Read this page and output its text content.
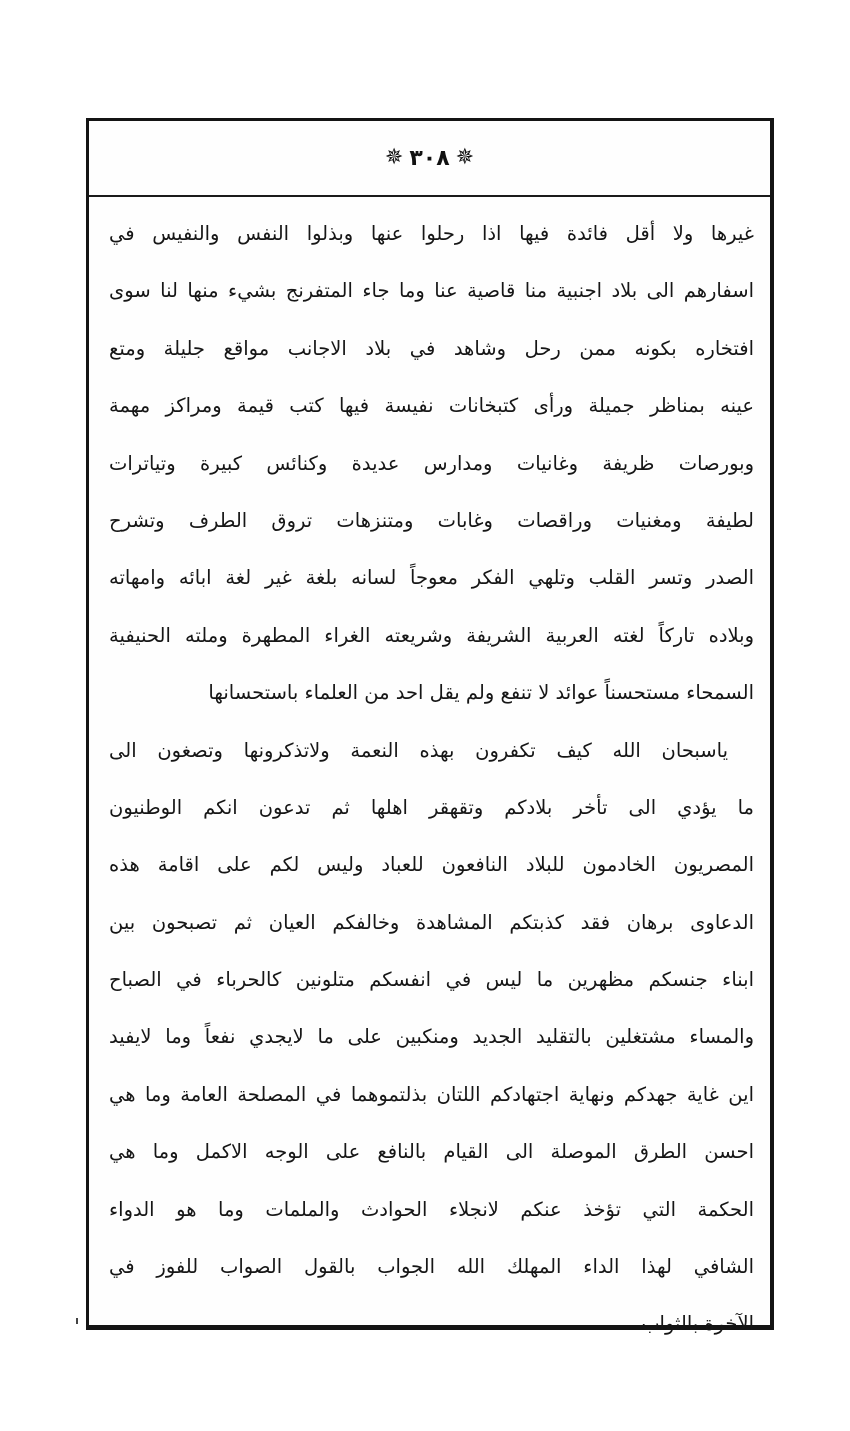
✵ ٣٠٨ ✵
غيرها ولا أقل فائدة فيها اذا رحلوا عنها وبذلوا النفس والنفيس في
اسفارهم الى بلاد اجنبية منا قاصية عنا وما جاء المتفرنج بشيء منها لنا سوى
افتخاره بكونه ممن رحل وشاهد في بلاد الاجانب مواقع جليلة ومتع
عينه بمناظر جميلة ورأى كتبخانات نفيسة فيها كتب قيمة ومراكز مهمة
وبورصات ظريفة وغانيات ومدارس عديدة وكنائس كبيرة وتياترات
لطيفة ومغنيات وراقصات وغابات ومتنزهات تروق الطرف وتشرح
الصدر وتسر القلب وتلهي الفكر معوجاً لسانه بلغة غير لغة ابائه وامهاته
وبلاده تاركاً لغته العربية الشريفة وشريعته الغراء المطهرة وملته الحنيفية
السمحاء مستحسناً عوائد لا تنفع ولم يقل احد من العلماء باستحسانها
ياسبحان الله كيف تكفرون بهذه النعمة ولاتذكرونها وتصغون الى
ما يؤدي الى تأخر بلادكم وتقهقر اهلها ثم تدعون انكم الوطنيون
المصريون الخادمون للبلاد النافعون للعباد وليس لكم على اقامة هذه
الدعاوى برهان فقد كذبتكم المشاهدة وخالفكم العيان ثم تصبحون بين
ابناء جنسكم مظهرين ما ليس في انفسكم متلونين كالحرباء في الصباح
والمساء مشتغلين بالتقليد الجديد ومنكبين على ما لايجدي نفعاً وما لايفيد
اين غاية جهدكم ونهاية اجتهادكم اللتان بذلتموهما في المصلحة العامة وما هي
احسن الطرق الموصلة الى القيام بالنافع على الوجه الاكمل وما هي
الحكمة التي تؤخذ عنكم لانجلاء الحوادث والملمات وما هو الدواء
الشافي لهذا الداء المهلك الله الجواب بالقول الصواب للفوز في
الآخرة بالثواب
